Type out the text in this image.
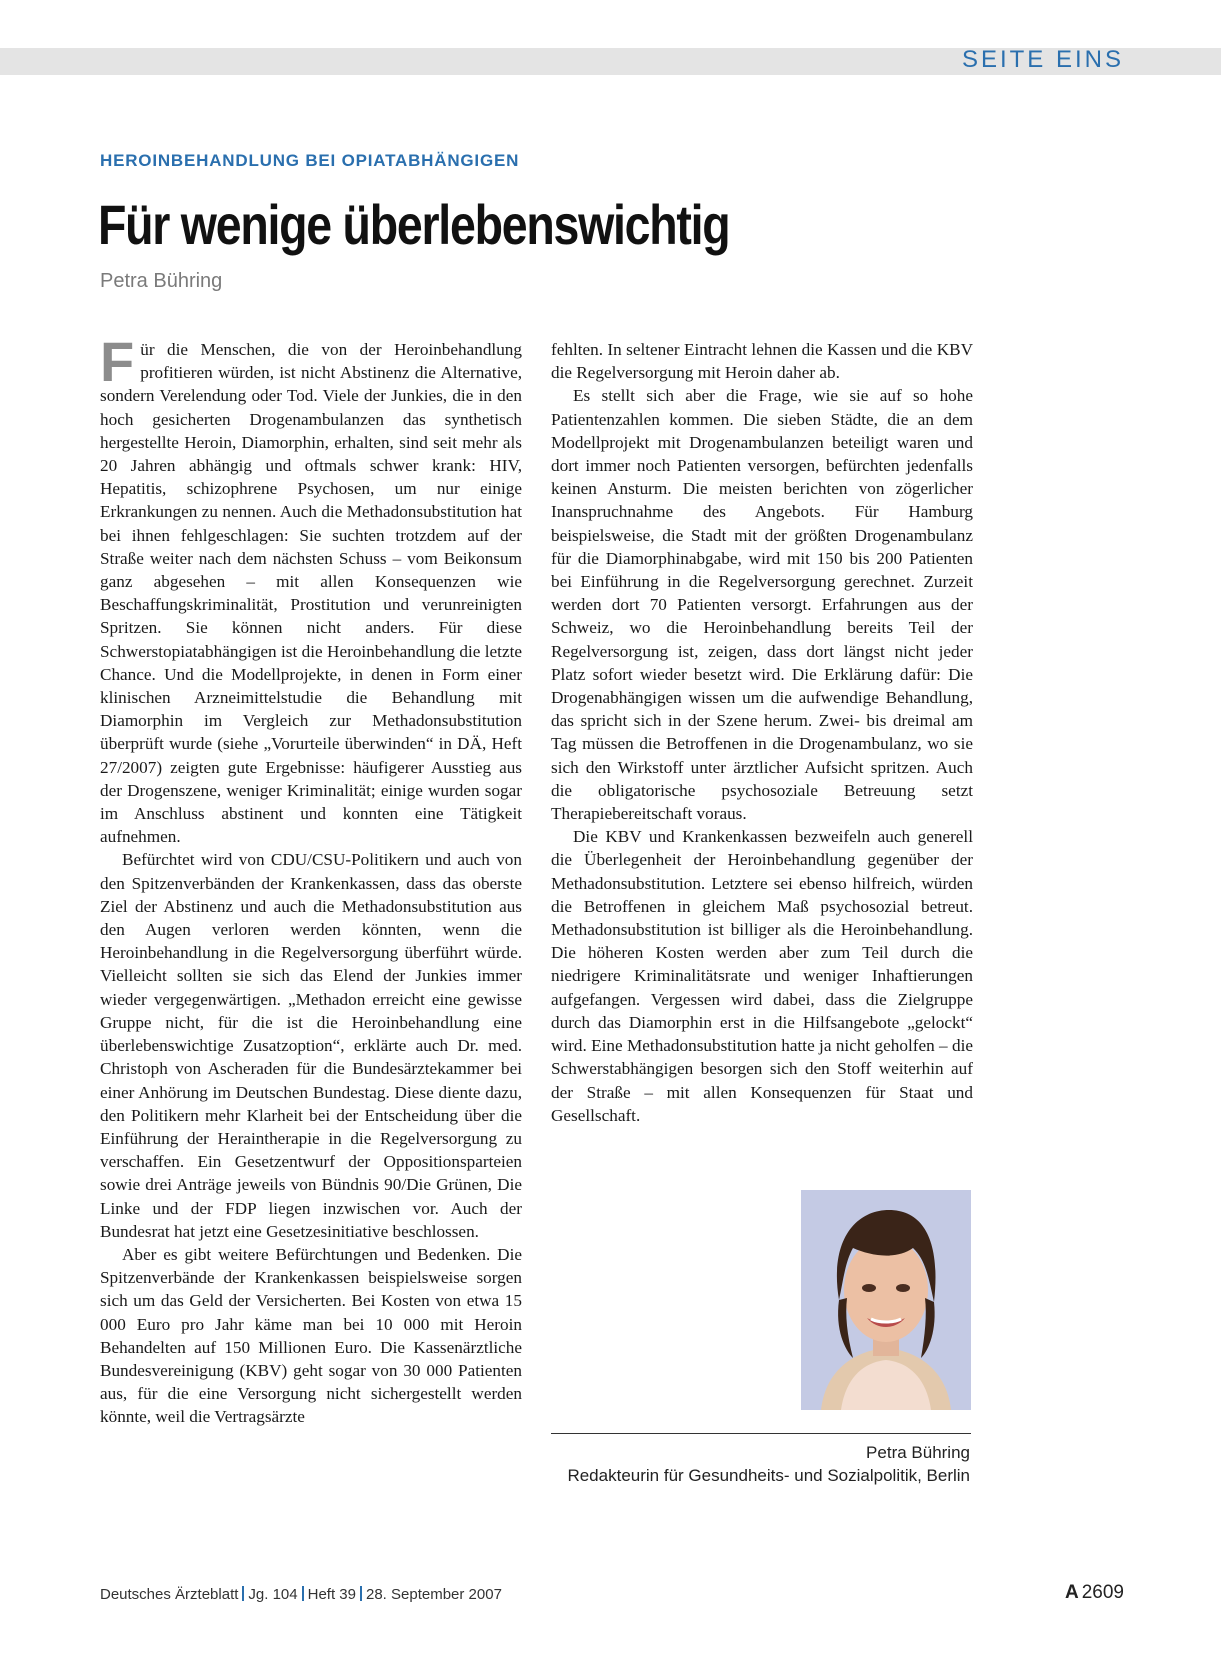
SEITE EINS
HEROINBEHANDLUNG BEI OPIATABHÄNGIGEN
Für wenige überlebenswichtig
Petra Bühring

Für die Menschen, die von der Heroinbehandlung profitieren würden, ist nicht Abstinenz die Alternative, sondern Verelendung oder Tod. Viele der Junkies, die in den hoch gesicherten Drogenambulanzen das synthetisch hergestellte Heroin, Diamorphin, erhalten, sind seit mehr als 20 Jahren abhängig und oftmals schwer krank: HIV, Hepatitis, schizophrene Psychosen, um nur einige Erkrankungen zu nennen. Auch die Methadonsubstitution hat bei ihnen fehlgeschlagen: Sie suchten trotzdem auf der Straße weiter nach dem nächsten Schuss – vom Beikonsum ganz abgesehen – mit allen Konsequenzen wie Beschaffungskriminalität, Prostitution und verunreinigten Spritzen. Sie können nicht anders. Für diese Schwerstopiatabhängigen ist die Heroinbehandlung die letzte Chance. Und die Modellprojekte, in denen in Form einer klinischen Arzneimittelstudie die Behandlung mit Diamorphin im Vergleich zur Methadonsubstitution überprüft wurde (siehe „Vorurteile überwinden“ in DÄ, Heft 27/2007) zeigten gute Ergebnisse: häufigerer Ausstieg aus der Drogenszene, weniger Kriminalität; einige wurden sogar im Anschluss abstinent und konnten eine Tätigkeit aufnehmen.

Befürchtet wird von CDU/CSU-Politikern und auch von den Spitzenverbänden der Krankenkassen, dass das oberste Ziel der Abstinenz und auch die Methadonsubstitution aus den Augen verloren werden könnten, wenn die Heroinbehandlung in die Regelversorgung überführt würde. Vielleicht sollten sie sich das Elend der Junkies immer wieder vergegenwärtigen. „Methadon erreicht eine gewisse Gruppe nicht, für die ist die Heroinbehandlung eine überlebenswichtige Zusatzoption“, erklärte auch Dr. med. Christoph von Ascheraden für die Bundesärztekammer bei einer Anhörung im Deutschen Bundestag. Diese diente dazu, den Politikern mehr Klarheit bei der Entscheidung über die Einführung der Heraintherapie in die Regelversorgung zu verschaffen. Ein Gesetzentwurf der Oppositionsparteien sowie drei Anträge jeweils von Bündnis 90/Die Grünen, Die Linke und der FDP liegen inzwischen vor. Auch der Bundesrat hat jetzt eine Gesetzesinitiative beschlossen.

Aber es gibt weitere Befürchtungen und Bedenken. Die Spitzenverbände der Krankenkassen beispielsweise sorgen sich um das Geld der Versicherten. Bei Kosten von etwa 15 000 Euro pro Jahr käme man bei 10 000 mit Heroin Behandelten auf 150 Millionen Euro. Die Kassenärztliche Bundesvereinigung (KBV) geht sogar von 30 000 Patienten aus, für die eine Versorgung nicht sichergestellt werden könnte, weil die Vertragsärzte

fehlten. In seltener Eintracht lehnen die Kassen und die KBV die Regelversorgung mit Heroin daher ab.

Es stellt sich aber die Frage, wie sie auf so hohe Patientenzahlen kommen. Die sieben Städte, die an dem Modellprojekt mit Drogenambulanzen beteiligt waren und dort immer noch Patienten versorgen, befürchten jedenfalls keinen Ansturm. Die meisten berichten von zögerlicher Inanspruchnahme des Angebots. Für Hamburg beispielsweise, die Stadt mit der größten Drogenambulanz für die Diamorphinabgabe, wird mit 150 bis 200 Patienten bei Einführung in die Regelversorgung gerechnet. Zurzeit werden dort 70 Patienten versorgt. Erfahrungen aus der Schweiz, wo die Heroinbehandlung bereits Teil der Regelversorgung ist, zeigen, dass dort längst nicht jeder Platz sofort wieder besetzt wird. Die Erklärung dafür: Die Drogenabhängigen wissen um die aufwendige Behandlung, das spricht sich in der Szene herum. Zwei- bis dreimal am Tag müssen die Betroffenen in die Drogenambulanz, wo sie sich den Wirkstoff unter ärztlicher Aufsicht spritzen. Auch die obligatorische psychosoziale Betreuung setzt Therapiebereitschaft voraus.

Die KBV und Krankenkassen bezweifeln auch generell die Überlegenheit der Heroinbehandlung gegenüber der Methadonsubstitution. Letztere sei ebenso hilfreich, würden die Betroffenen in gleichem Maß psychosozial betreut. Methadonsubstitution ist billiger als die Heroinbehandlung. Die höheren Kosten werden aber zum Teil durch die niedrigere Kriminalitätsrate und weniger Inhaftierungen aufgefangen. Vergessen wird dabei, dass die Zielgruppe durch das Diamorphin erst in die Hilfsangebote „gelockt“ wird. Eine Methadonsubstitution hatte ja nicht geholfen – die Schwerstabhängigen besorgen sich den Stoff weiterhin auf der Straße – mit allen Konsequenzen für Staat und Gesellschaft.

Petra Bühring
Redakteurin für Gesundheits- und Sozialpolitik, Berlin
Deutsches Ärzteblatt Jg. 104 Heft 39 28. September 2007	A 2609
